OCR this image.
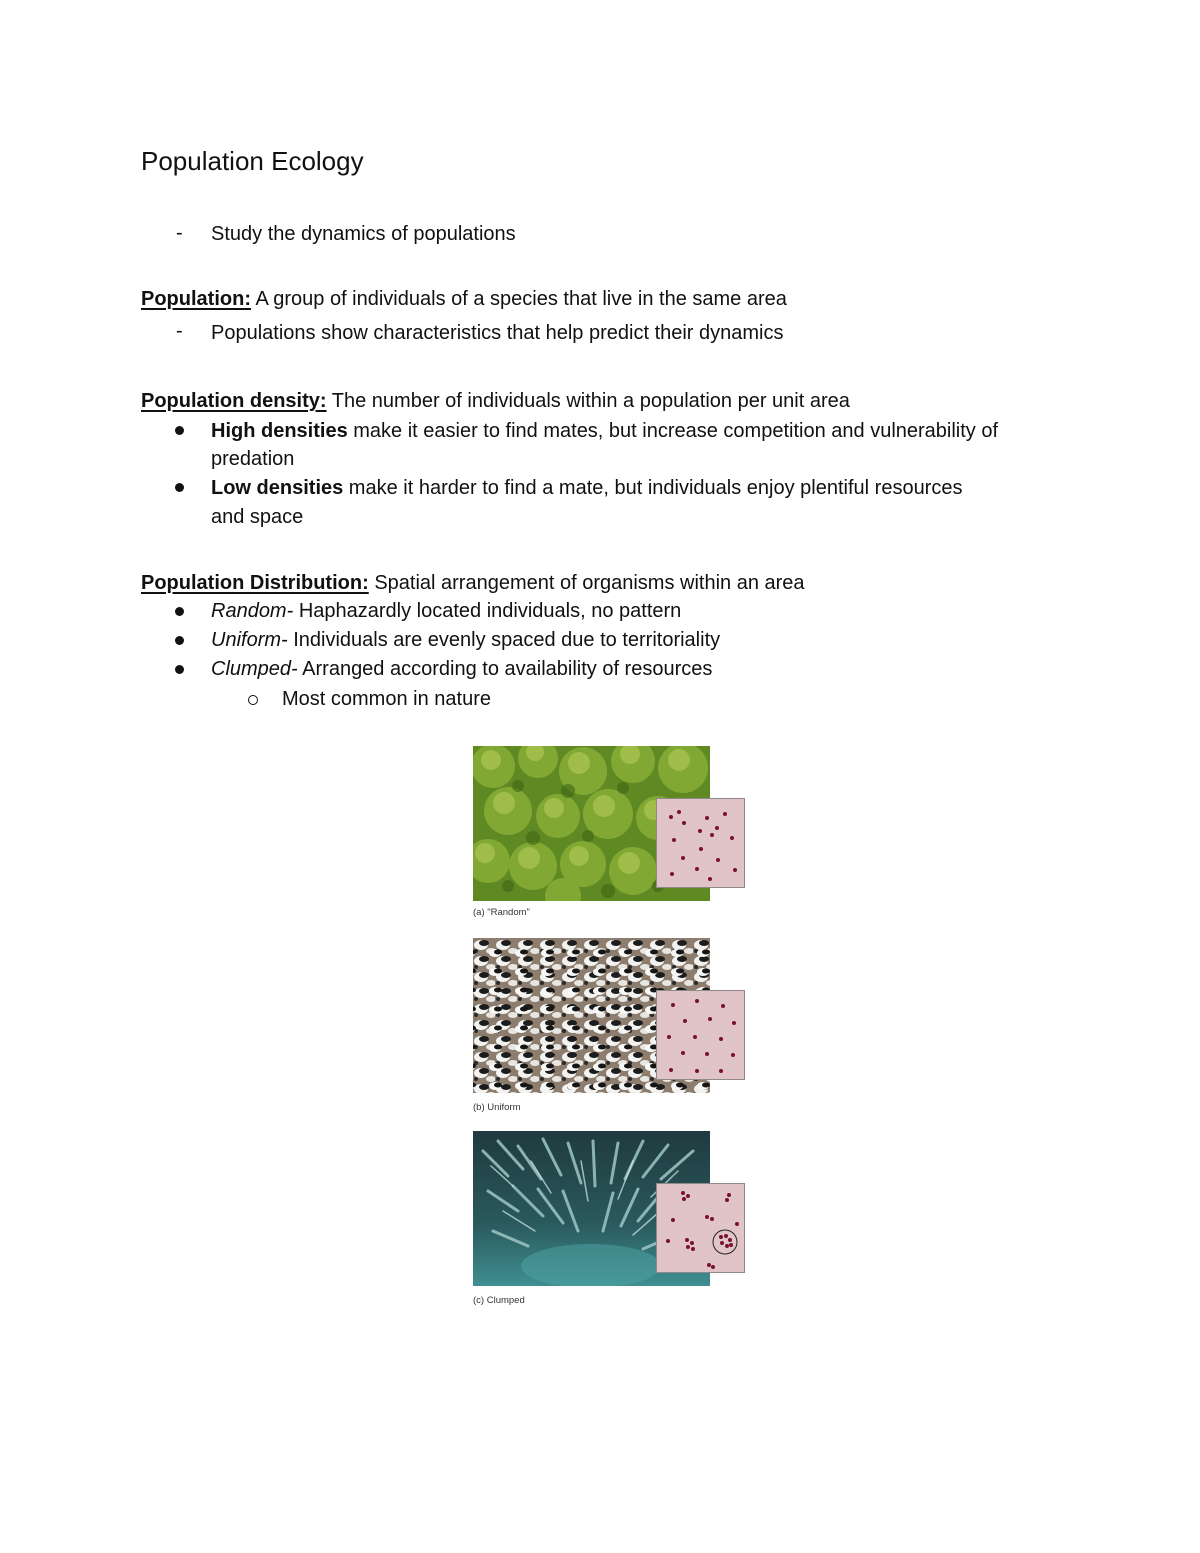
Population Ecology
- Study the dynamics of populations
Population: A group of individuals of a species that live in the same area
- Populations show characteristics that help predict their dynamics
Population density: The number of individuals within a population per unit area
High densities make it easier to find mates, but increase competition and vulnerability of
predation
Low densities make it harder to find a mate, but individuals enjoy plentiful resources
and space
Population Distribution: Spatial arrangement of organisms within an area
Random- Haphazardly located individuals, no pattern
Uniform- Individuals are evenly spaced due to territoriality
Clumped- Arranged according to availability of resources
Most common in nature
(a) "Random"
(b) Uniform
(c) Clumped
